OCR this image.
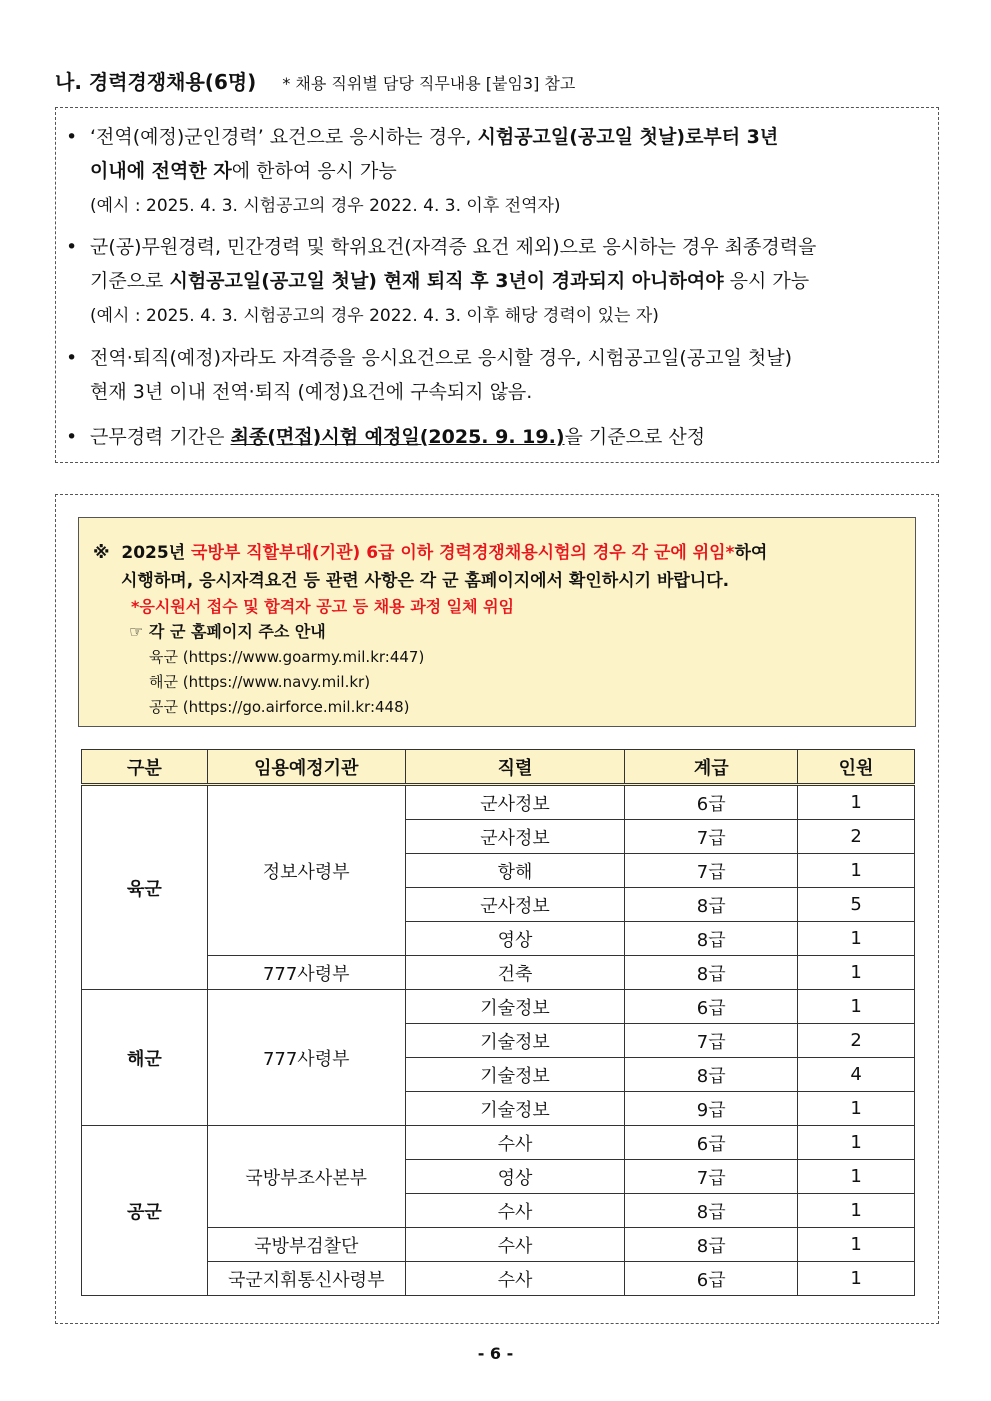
나. 경력경쟁채용(6명) * 채용 직위별 담당 직무내용 [붙임3] 참고
• ‘전역(예정)군인경력’ 요건으로 응시하는 경우, 시험공고일(공고일 첫날)로부터 3년
이내에 전역한 자에 한하여 응시 가능
(예시 : 2025. 4. 3. 시험공고의 경우 2022. 4. 3. 이후 전역자)
• 군(공)무원경력, 민간경력 및 학위요건(자격증 요건 제외)으로 응시하는 경우 최종경력을
기준으로 시험공고일(공고일 첫날) 현재 퇴직 후 3년이 경과되지 아니하여야 응시 가능
(예시 : 2025. 4. 3. 시험공고의 경우 2022. 4. 3. 이후 해당 경력이 있는 자)
• 전역·퇴직(예정)자라도 자격증을 응시요건으로 응시할 경우, 시험공고일(공고일 첫날)
현재 3년 이내 전역·퇴직 (예정)요건에 구속되지 않음.
• 근무경력 기간은 최종(면접)시험 예정일(2025. 9. 19.)을 기준으로 산정
※ 2025년 국방부 직할부대(기관) 6급 이하 경력경쟁채용시험의 경우 각 군에 위임*하여
시행하며, 응시자격요건 등 관련 사항은 각 군 홈페이지에서 확인하시기 바랍니다.
*응시원서 접수 및 합격자 공고 등 채용 과정 일체 위임
☞ 각 군 홈페이지 주소 안내
육군 (https://www.goarmy.mil.kr:447)
해군 (https://www.navy.mil.kr)
공군 (https://go.airforce.mil.kr:448)
구분	임용예정기관	직렬	계급	인원
육군	정보사령부	군사정보	6급	1
		군사정보	7급	2
		항해	7급	1
		군사정보	8급	5
		영상	8급	1
	777사령부	건축	8급	1
해군	777사령부	기술정보	6급	1
		기술정보	7급	2
		기술정보	8급	4
		기술정보	9급	1
공군	국방부조사본부	수사	6급	1
		영상	7급	1
		수사	8급	1
	국방부검찰단	수사	8급	1
	국군지휘통신사령부	수사	6급	1
- 6 -
